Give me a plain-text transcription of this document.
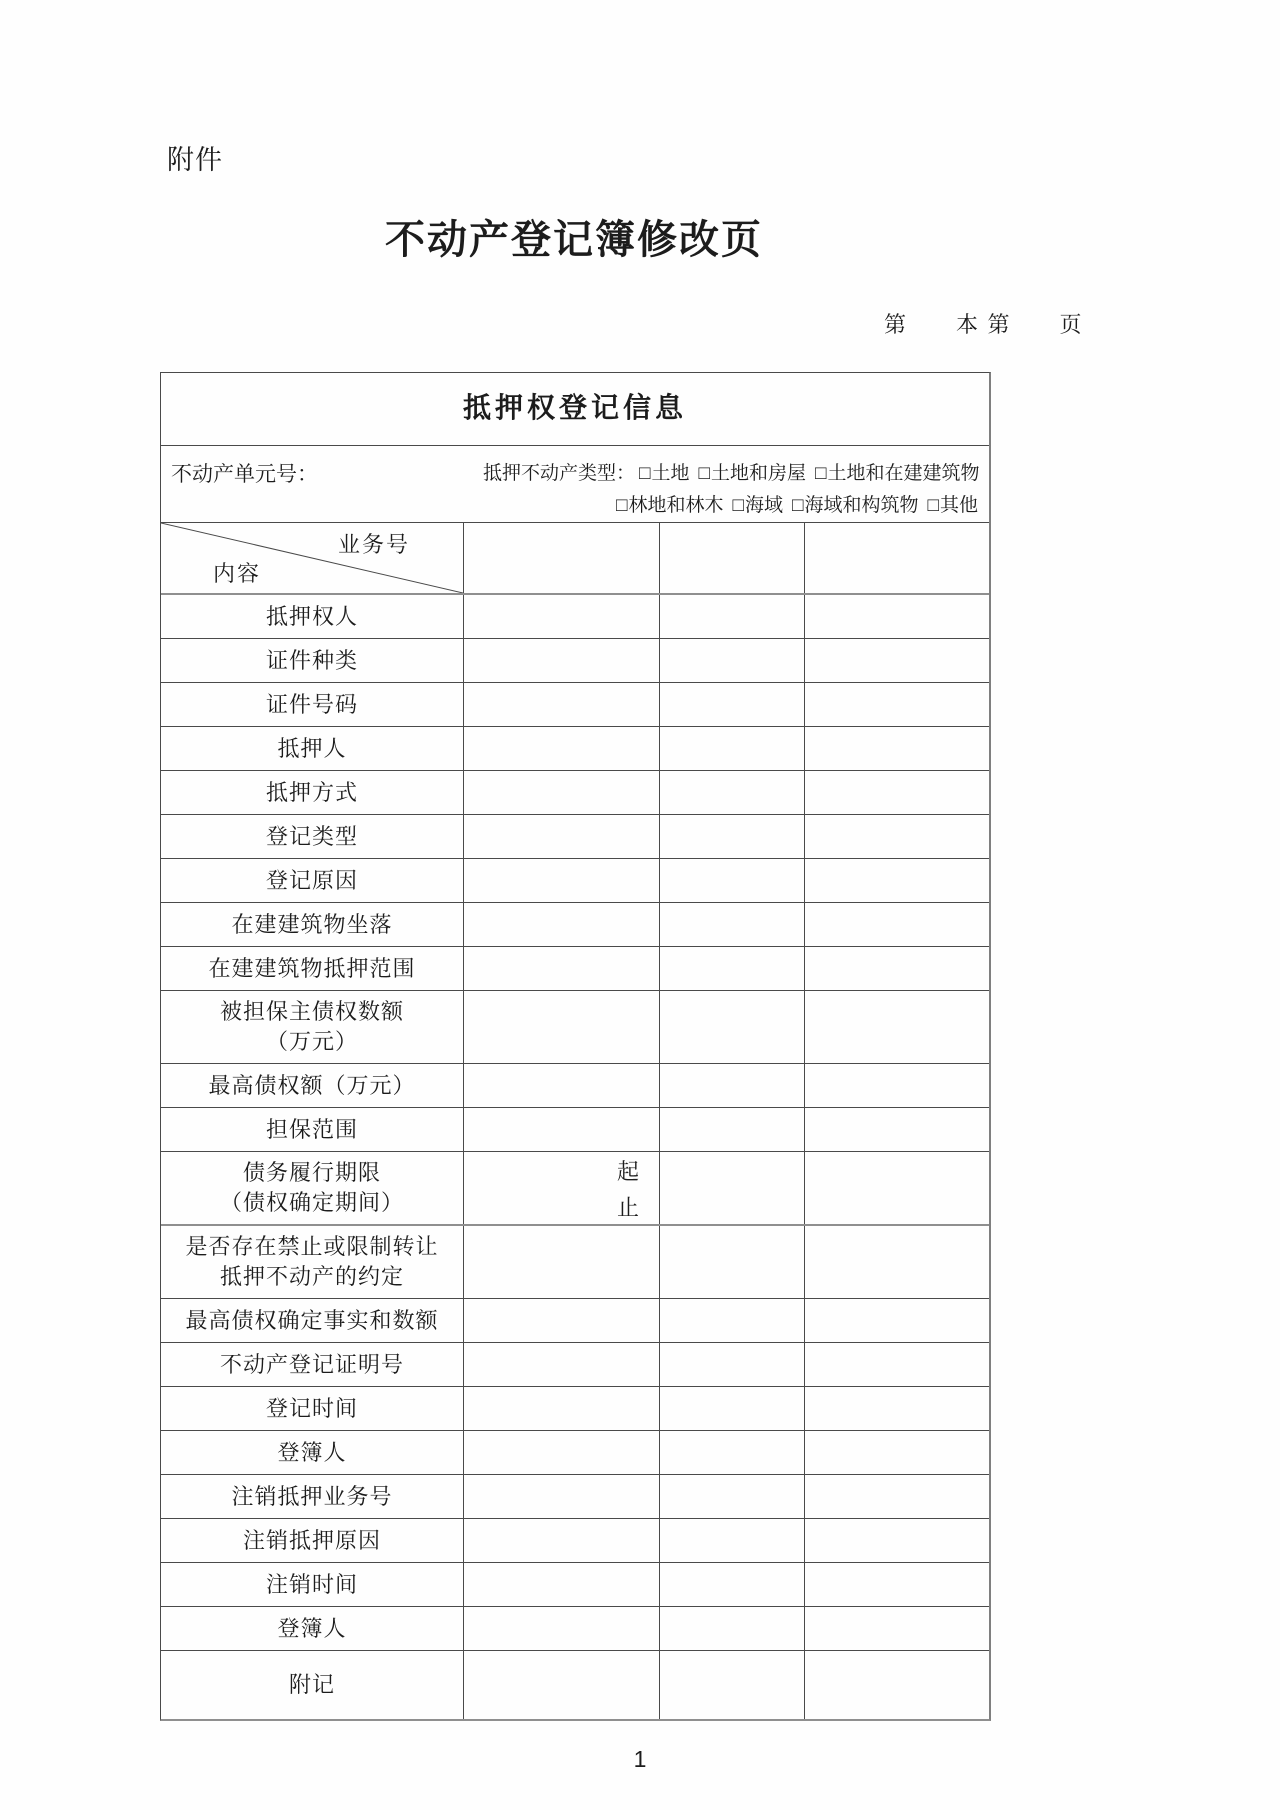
附件
不动产登记簿修改页
第　　本 第　　页
抵押权登记信息
不动产单元号：	抵押不动产类型： □土地 □土地和房屋 □土地和在建建筑物
□林地和林木 □海域 □海域和构筑物 □其他
业务号
内容
抵押权人
证件种类
证件号码
抵押人
抵押方式
登记类型
登记原因
在建建筑物坐落
在建建筑物抵押范围
被担保主债权数额
（万元）
最高债权额（万元）
担保范围
债务履行期限
（债权确定期间）
起
止
是否存在禁止或限制转让
抵押不动产的约定
最高债权确定事实和数额
不动产登记证明号
登记时间
登簿人
注销抵押业务号
注销抵押原因
注销时间
登簿人
附记
1
